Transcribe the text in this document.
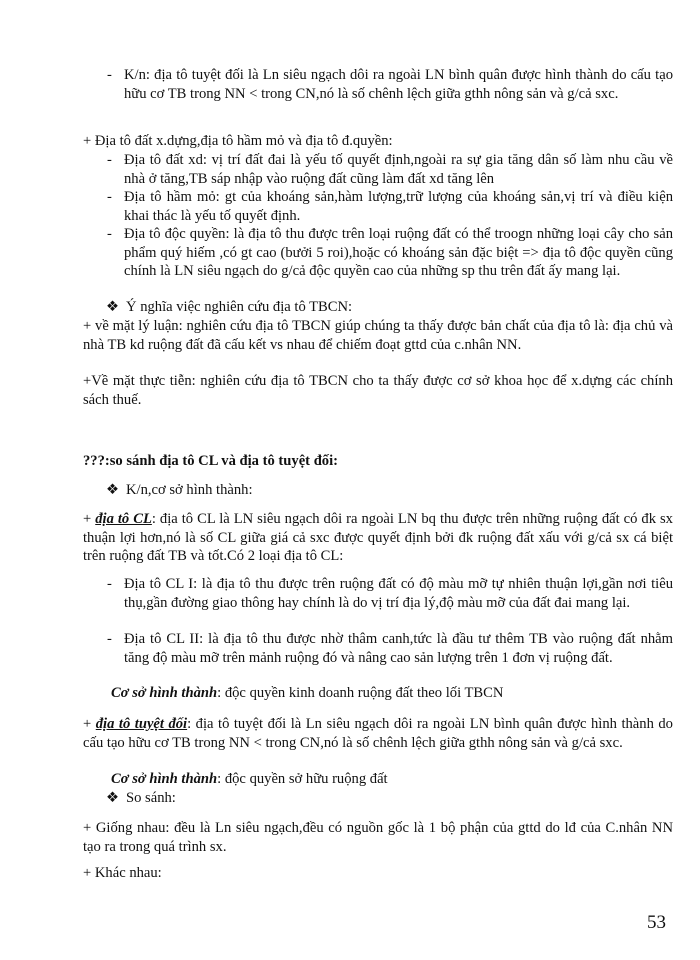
- K/n: địa tô tuyệt đối là Ln siêu ngạch dôi ra ngoài LN bình quân được hình thành do cấu tạo hữu cơ TB trong NN < trong CN,nó là số chênh lệch giữa gthh nông sản và g/cả sxc.
+ Địa tô đất x.dựng,địa tô hầm mỏ và địa tô đ.quyền:
- Địa tô đất xd: vị trí đất đai là yếu tố quyết định,ngoài ra sự gia tăng dân số làm nhu cầu về nhà ở tăng,TB sáp nhập vào ruộng đất cũng làm đất xd tăng lên
- Địa tô hầm mỏ: gt của khoáng sản,hàm lượng,trữ lượng của khoáng sản,vị trí và điều kiện khai thác là yếu tố quyết định.
- Địa tô độc quyền: là địa tô thu được trên loại ruộng đất có thể troogn những loại cây cho sản phẩm quý hiếm ,có gt cao (bưởi 5 roi),hoặc có khoáng sản đặc biệt => địa tô độc quyền cũng chính là LN siêu ngạch do g/cả độc quyền cao của những sp thu trên đất ấy mang lại.
❖ Ý nghĩa việc nghiên cứu địa tô TBCN:
+ về mặt lý luận: nghiên cứu địa tô TBCN giúp chúng ta thấy được bản chất của địa tô là: địa chủ và nhà TB kd ruộng đất đã cấu kết vs nhau để chiếm đoạt gttd của c.nhân NN.
+Về mặt thực tiễn: nghiên cứu địa tô TBCN cho ta thấy được cơ sở khoa học để x.dựng các chính sách thuế.
???:so sánh địa tô CL và địa tô tuyệt đối:
❖ K/n,cơ sở hình thành:
+ địa tô CL: địa tô CL là LN siêu ngạch dôi ra ngoài LN bq thu được trên những ruộng đất có đk sx thuận lợi hơn,nó là số CL giữa giá cả sxc được quyết định bởi đk ruộng đất xấu với g/cả sx cá biệt trên ruộng đất TB và tốt.Có 2 loại địa tô CL:
- Địa tô CL I: là địa tô thu được trên ruộng đất có độ màu mỡ tự nhiên thuận lợi,gần nơi tiêu thụ,gần đường giao thông hay chính là do vị trí địa lý,độ màu mỡ của đất đai mang lại.
- Địa tô CL II: là địa tô thu được nhờ thâm canh,tức là đầu tư thêm TB vào ruộng đất nhằm tăng độ màu mỡ trên mảnh ruộng đó và nâng cao sản lượng trên 1 đơn vị ruộng đất.
Cơ sở hình thành: độc quyền kinh doanh ruộng đất theo lối TBCN
+ địa tô tuyệt đối: địa tô tuyệt đối là Ln siêu ngạch dôi ra ngoài LN bình quân được hình thành do cấu tạo hữu cơ TB trong NN < trong CN,nó là số chênh lệch giữa gthh nông sản và g/cả sxc.
Cơ sở hình thành: độc quyền sở hữu ruộng đất
❖ So sánh:
+ Giống nhau: đều là Ln siêu ngạch,đều có nguồn gốc là 1 bộ phận của gttd do lđ của C.nhân NN tạo ra trong quá trình sx.
+ Khác nhau:
53
